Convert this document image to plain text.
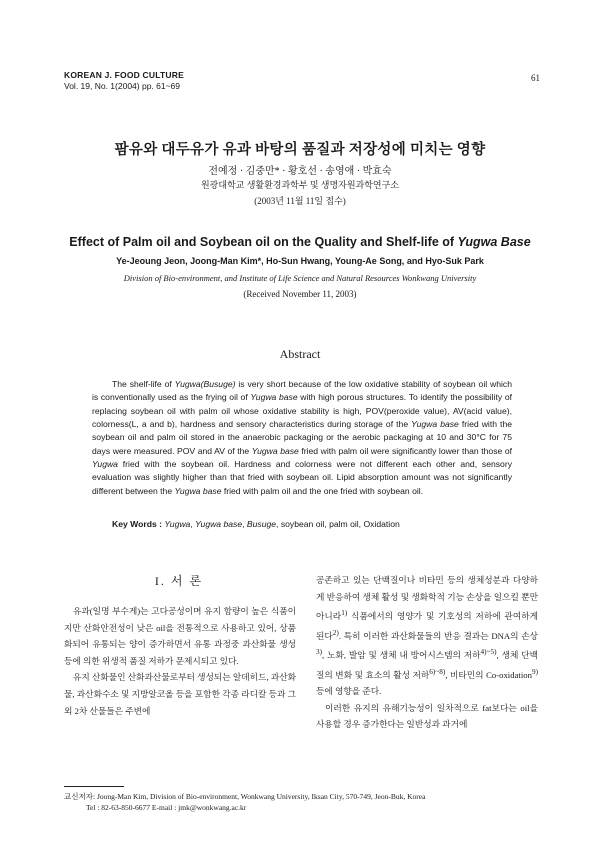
KOREAN J. FOOD CULTURE
Vol. 19, No. 1(2004) pp. 61~69
61
팜유와 대두유가 유과 바탕의 품질과 저장성에 미치는 영향
전예정 · 김중만* · 황호선 · 송영애 · 박효숙
원광대학교 생활환경과학부 및 생명자원과학연구소
(2003년 11월 11일 접수)
Effect of Palm oil and Soybean oil on the Quality and Shelf-life of Yugwa Base
Ye-Jeoung Jeon, Joong-Man Kim*, Ho-Sun Hwang, Young-Ae Song, and Hyo-Suk Park
Division of Bio-environment, and Institute of Life Science and Natural Resources Wonkwang University
(Received November 11, 2003)
Abstract
The shelf-life of Yugwa(Busuge) is very short because of the low oxidative stability of soybean oil which is conventionally used as the frying oil of Yugwa base with high porous structures. To identify the possibility of replacing soybean oil with palm oil whose oxidative stability is high, POV(peroxide value), AV(acid value), colorness(L, a and b), hardness and sensory characteristics during storage of the Yugwa base fried with the soybean oil and palm oil stored in the anaerobic packaging or the aerobic packaging at 10 and 30°C for 75 days were measured. POV and AV of the Yugwa base fried with palm oil were significantly lower than those of Yugwa fried with the soybean oil. Hardness and colorness were not different each other and, sensory evaluation was slightly higher than that fried with soybean oil. Lipid absorption amount was not significantly different between the Yugwa base fried with palm oil and the one fried with soybean oil.
Key Words : Yugwa, Yugwa base, Busuge, soybean oil, palm oil, Oxidation
I. 서 론

유과(일명 부수게)는 고다공성이며 유지 함량이 높은 식품이지만 산화안전성이 낮은 oil을 전통적으로 사용하고 있어, 상품화되어 유통되는 양이 증가하면서 유통 과정중 과산화물 생성 등에 의한 위생적 품질 저하가 문제시되고 있다.

유지 산화물인 산화과산물로부터 생성되는 알데히드, 과산화물, 과산화수소 및 지방알코올 등을 포함한 각종 라디칼 등과 그 외 2차 산물들은 주변에

공존하고 있는 단백질이나 비타민 등의 생체성분과 다양하게 반응하여 생체 활성 및 생화학적 기능 손상을 일으킬 뿐만 아니라$^{1)}$ 식품에서의 영양가 및 기호성의 저하에 관여하게 된다$^{2)}$. 특히 이러한 과산화물들의 반응 결과는 DNA의 손상$^{3)}$, 노화, 발암 및 생체 내 방어시스템의 저하$^{4)\sim 5)}$, 생체 단백질의 변화 및 효소의 활성 저하$^{6)\sim 8)}$, 비타민의 Co-oxidation$^{9)}$ 등에 영향을 준다.

이러한 유지의 유해기능성이 일차적으로 fat보다는 oil을 사용할 경우 증가한다는 일반성과 과거에

교신저자: Joong-Man Kim, Division of Bio-environment, Wonkwang University, Iksan City, 570-749, Jeon-Buk, Korea
Tel : 82-63-850-6677 E-mail : jmk@wonkwang.ac.kr
